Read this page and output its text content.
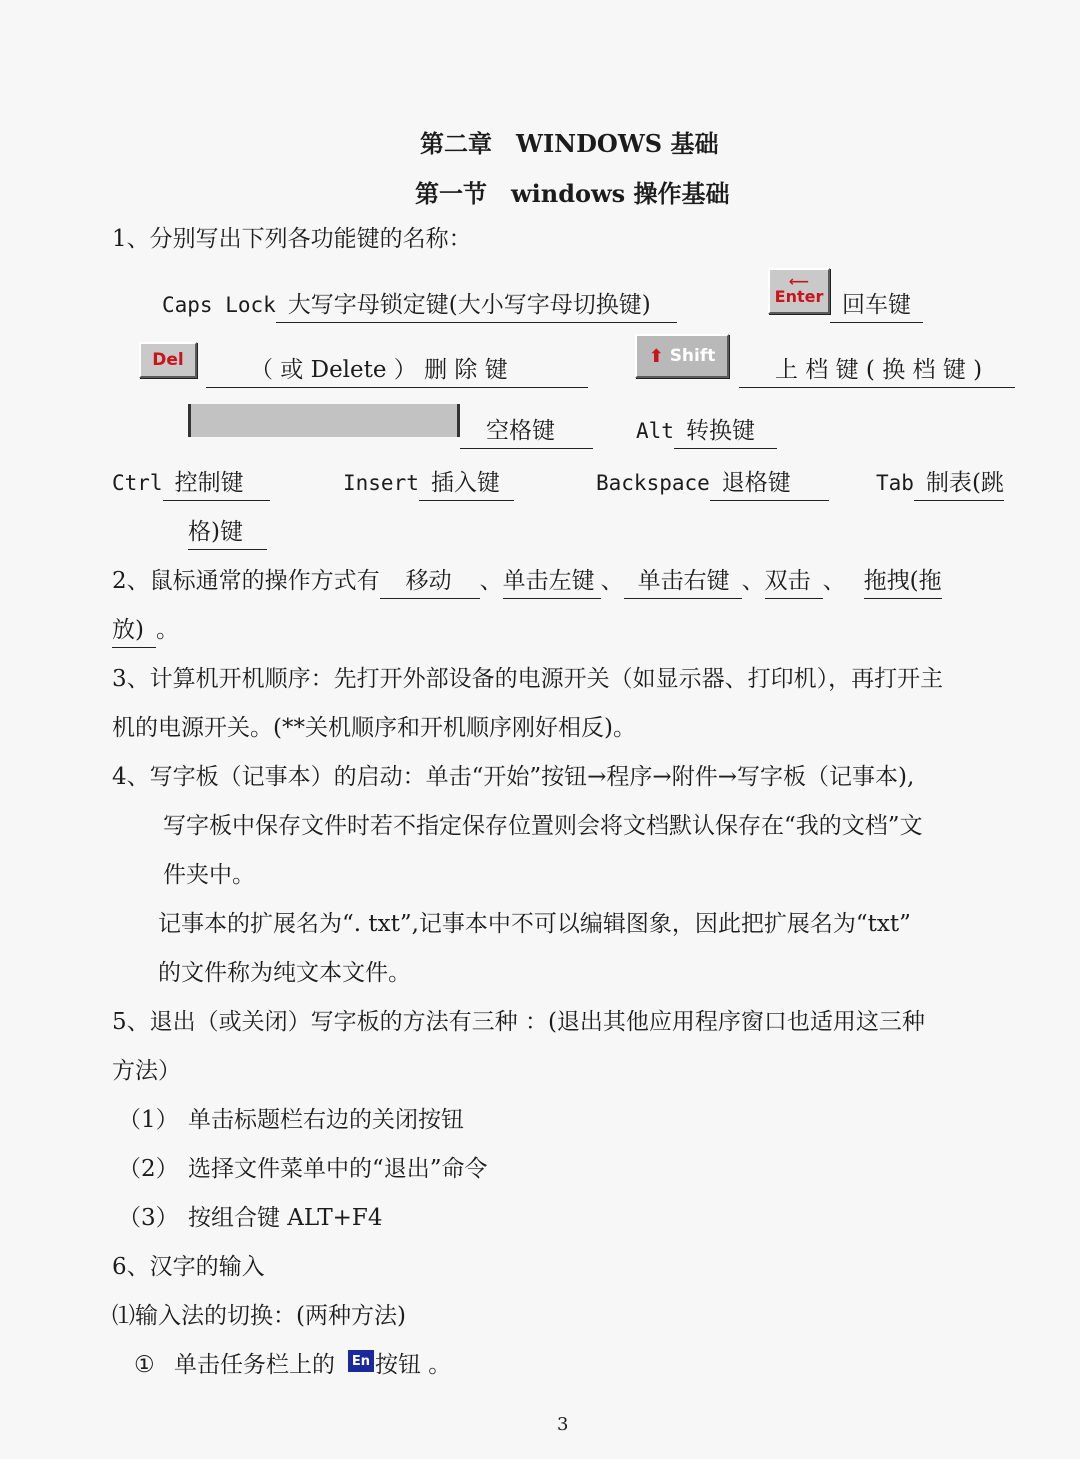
第二章　WINDOWS 基础
第一节　windows 操作基础
1、分别写出下列各功能键的名称：
Caps Lock 大写字母锁定键(大小写字母切换键)
⟵
Enter 回车键
Del	（ 或 Delete ） 删 除 键
⬆ Shift
上 档 键 ( 换 档 键 )
空格键	Alt 转换键
Ctrl 控制键	Insert 插入键	Backspace 退格键	Tab 制表(跳
格)键
2、鼠标通常的操作方式有 移动 、单击左键 、 单击右键 、双击 、 拖拽(拖
放) 。
3、计算机开机顺序：先打开外部设备的电源开关（如显示器、打印机），再打开主
机的电源开关。(**关机顺序和开机顺序刚好相反)。
4、写字板（记事本）的启动：单击“开始”按钮→程序→附件→写字板（记事本),
写字板中保存文件时若不指定保存位置则会将文档默认保存在“我的文档”文
件夹中。
记事本的扩展名为“. txt”,记事本中不可以编辑图象，因此把扩展名为“txt”
的文件称为纯文本文件。
5、退出（或关闭）写字板的方法有三种 ：(退出其他应用程序窗口也适用这三种
方法）
（1） 单击标题栏右边的关闭按钮
（2） 选择文件菜单中的“退出”命令
（3） 按组合键 ALT+F4
6、汉字的输入
⑴输入法的切换：(两种方法)
① 单击任务栏上的 按钮 。
En
3
